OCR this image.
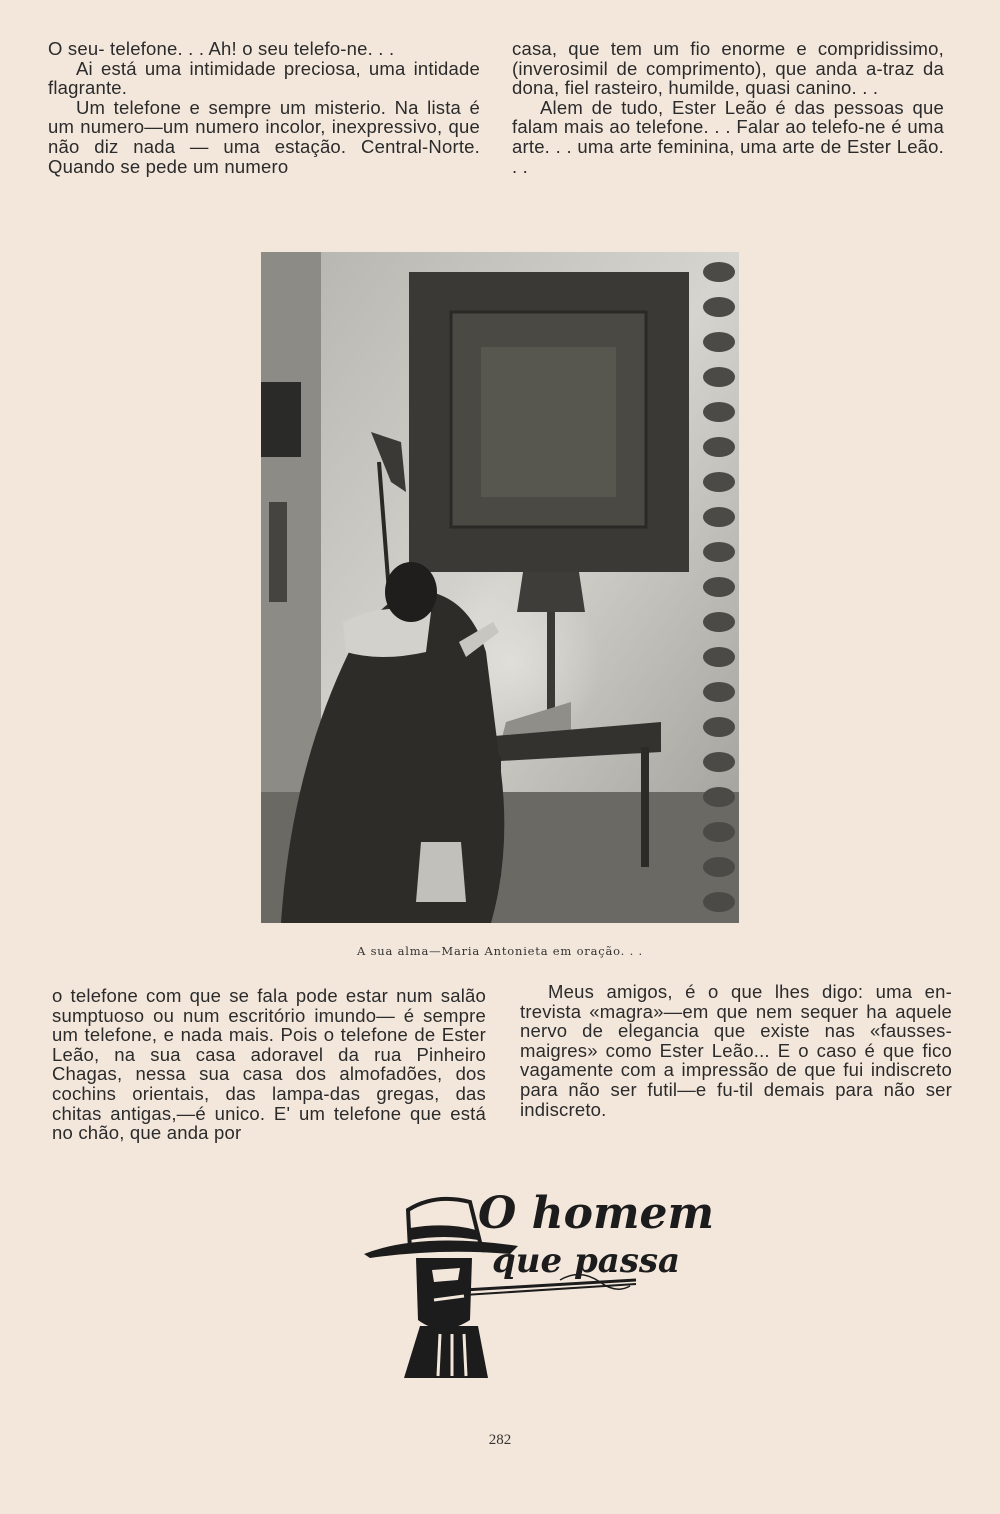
O seu- telefone. . . Ah! o seu telefo-ne. . .

Ai está uma intimidade preciosa, uma intidade flagrante.

Um telefone e sempre um misterio. Na lista é um numero—um numero incolor, inexpressivo, que não diz nada — uma estação. Central-Norte. Quando se pede um numero

casa, que tem um fio enorme e compridissimo, (inverosimil de comprimento), que anda a-traz da dona, fiel rasteiro, humilde, quasi canino. . .

Alem de tudo, Ester Leão é das pessoas que falam mais ao telefone. . . Falar ao telefo-ne é uma arte. . . uma arte feminina, uma arte de Ester Leão. . .

A sua alma—Maria Antonieta em oração. . .

o telefone com que se fala pode estar num salão sumptuoso ou num escritório imundo— é sempre um telefone, e nada mais. Pois o telefone de Ester Leão, na sua casa adoravel da rua Pinheiro Chagas, nessa sua casa dos almofadões, dos cochins orientais, das lampa-das gregas, das chitas antigas,—é unico. E' um telefone que está no chão, que anda por

Meus amigos, é o que lhes digo: uma en-trevista «magra»—em que nem sequer ha aquele nervo de elegancia que existe nas «fausses-maigres» como Ester Leão... E o caso é que fico vagamente com a impressão de que fui indiscreto para não ser futil—e fu-til demais para não ser indiscreto.

O homem
que passa
282
